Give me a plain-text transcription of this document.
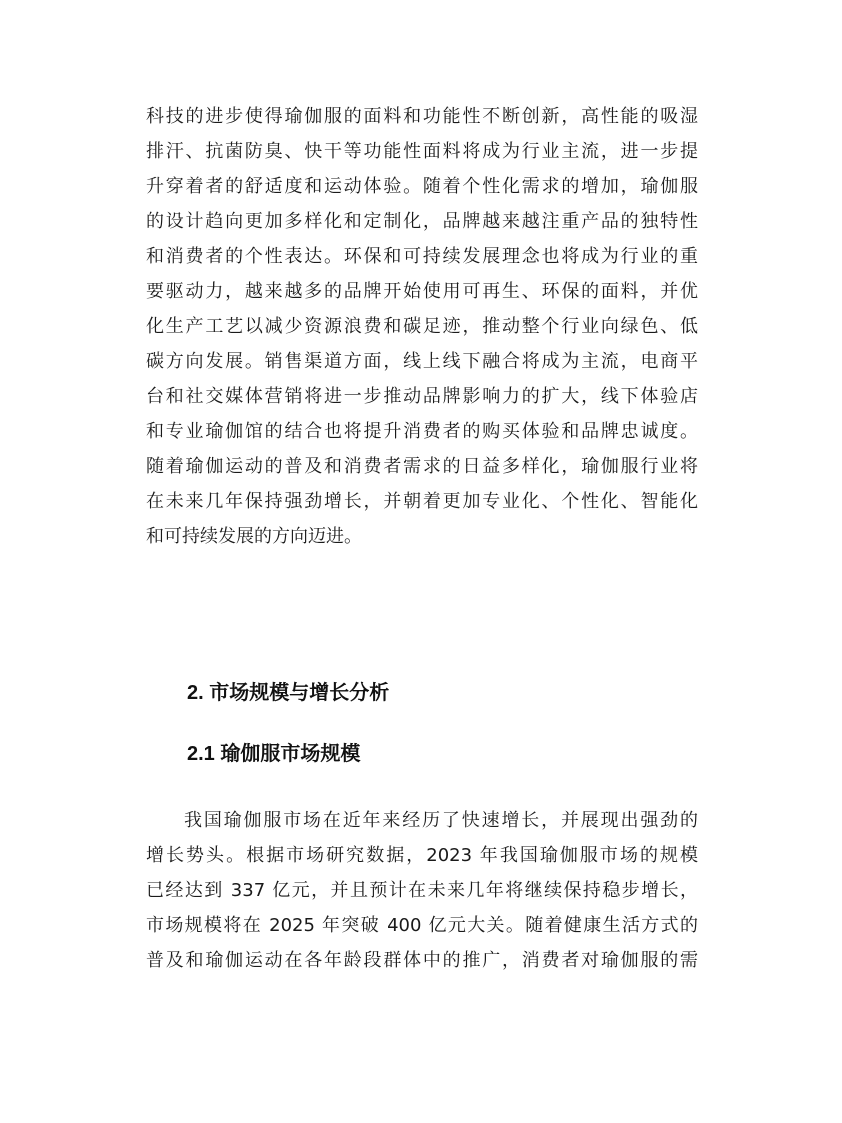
科技的进步使得瑜伽服的面料和功能性不断创新，高性能的吸湿
排汗、抗菌防臭、快干等功能性面料将成为行业主流，进一步提
升穿着者的舒适度和运动体验。随着个性化需求的增加，瑜伽服
的设计趋向更加多样化和定制化，品牌越来越注重产品的独特性
和消费者的个性表达。环保和可持续发展理念也将成为行业的重
要驱动力，越来越多的品牌开始使用可再生、环保的面料，并优
化生产工艺以减少资源浪费和碳足迹，推动整个行业向绿色、低
碳方向发展。销售渠道方面，线上线下融合将成为主流，电商平
台和社交媒体营销将进一步推动品牌影响力的扩大，线下体验店
和专业瑜伽馆的结合也将提升消费者的购买体验和品牌忠诚度。
随着瑜伽运动的普及和消费者需求的日益多样化，瑜伽服行业将
在未来几年保持强劲增长，并朝着更加专业化、个性化、智能化
和可持续发展的方向迈进。
2. 市场规模与增长分析
2.1 瑜伽服市场规模
我国瑜伽服市场在近年来经历了快速增长，并展现出强劲的
增长势头。根据市场研究数据，2023 年我国瑜伽服市场的规模
已经达到 337 亿元，并且预计在未来几年将继续保持稳步增长，
市场规模将在 2025 年突破 400 亿元大关。随着健康生活方式的
普及和瑜伽运动在各年龄段群体中的推广，消费者对瑜伽服的需
